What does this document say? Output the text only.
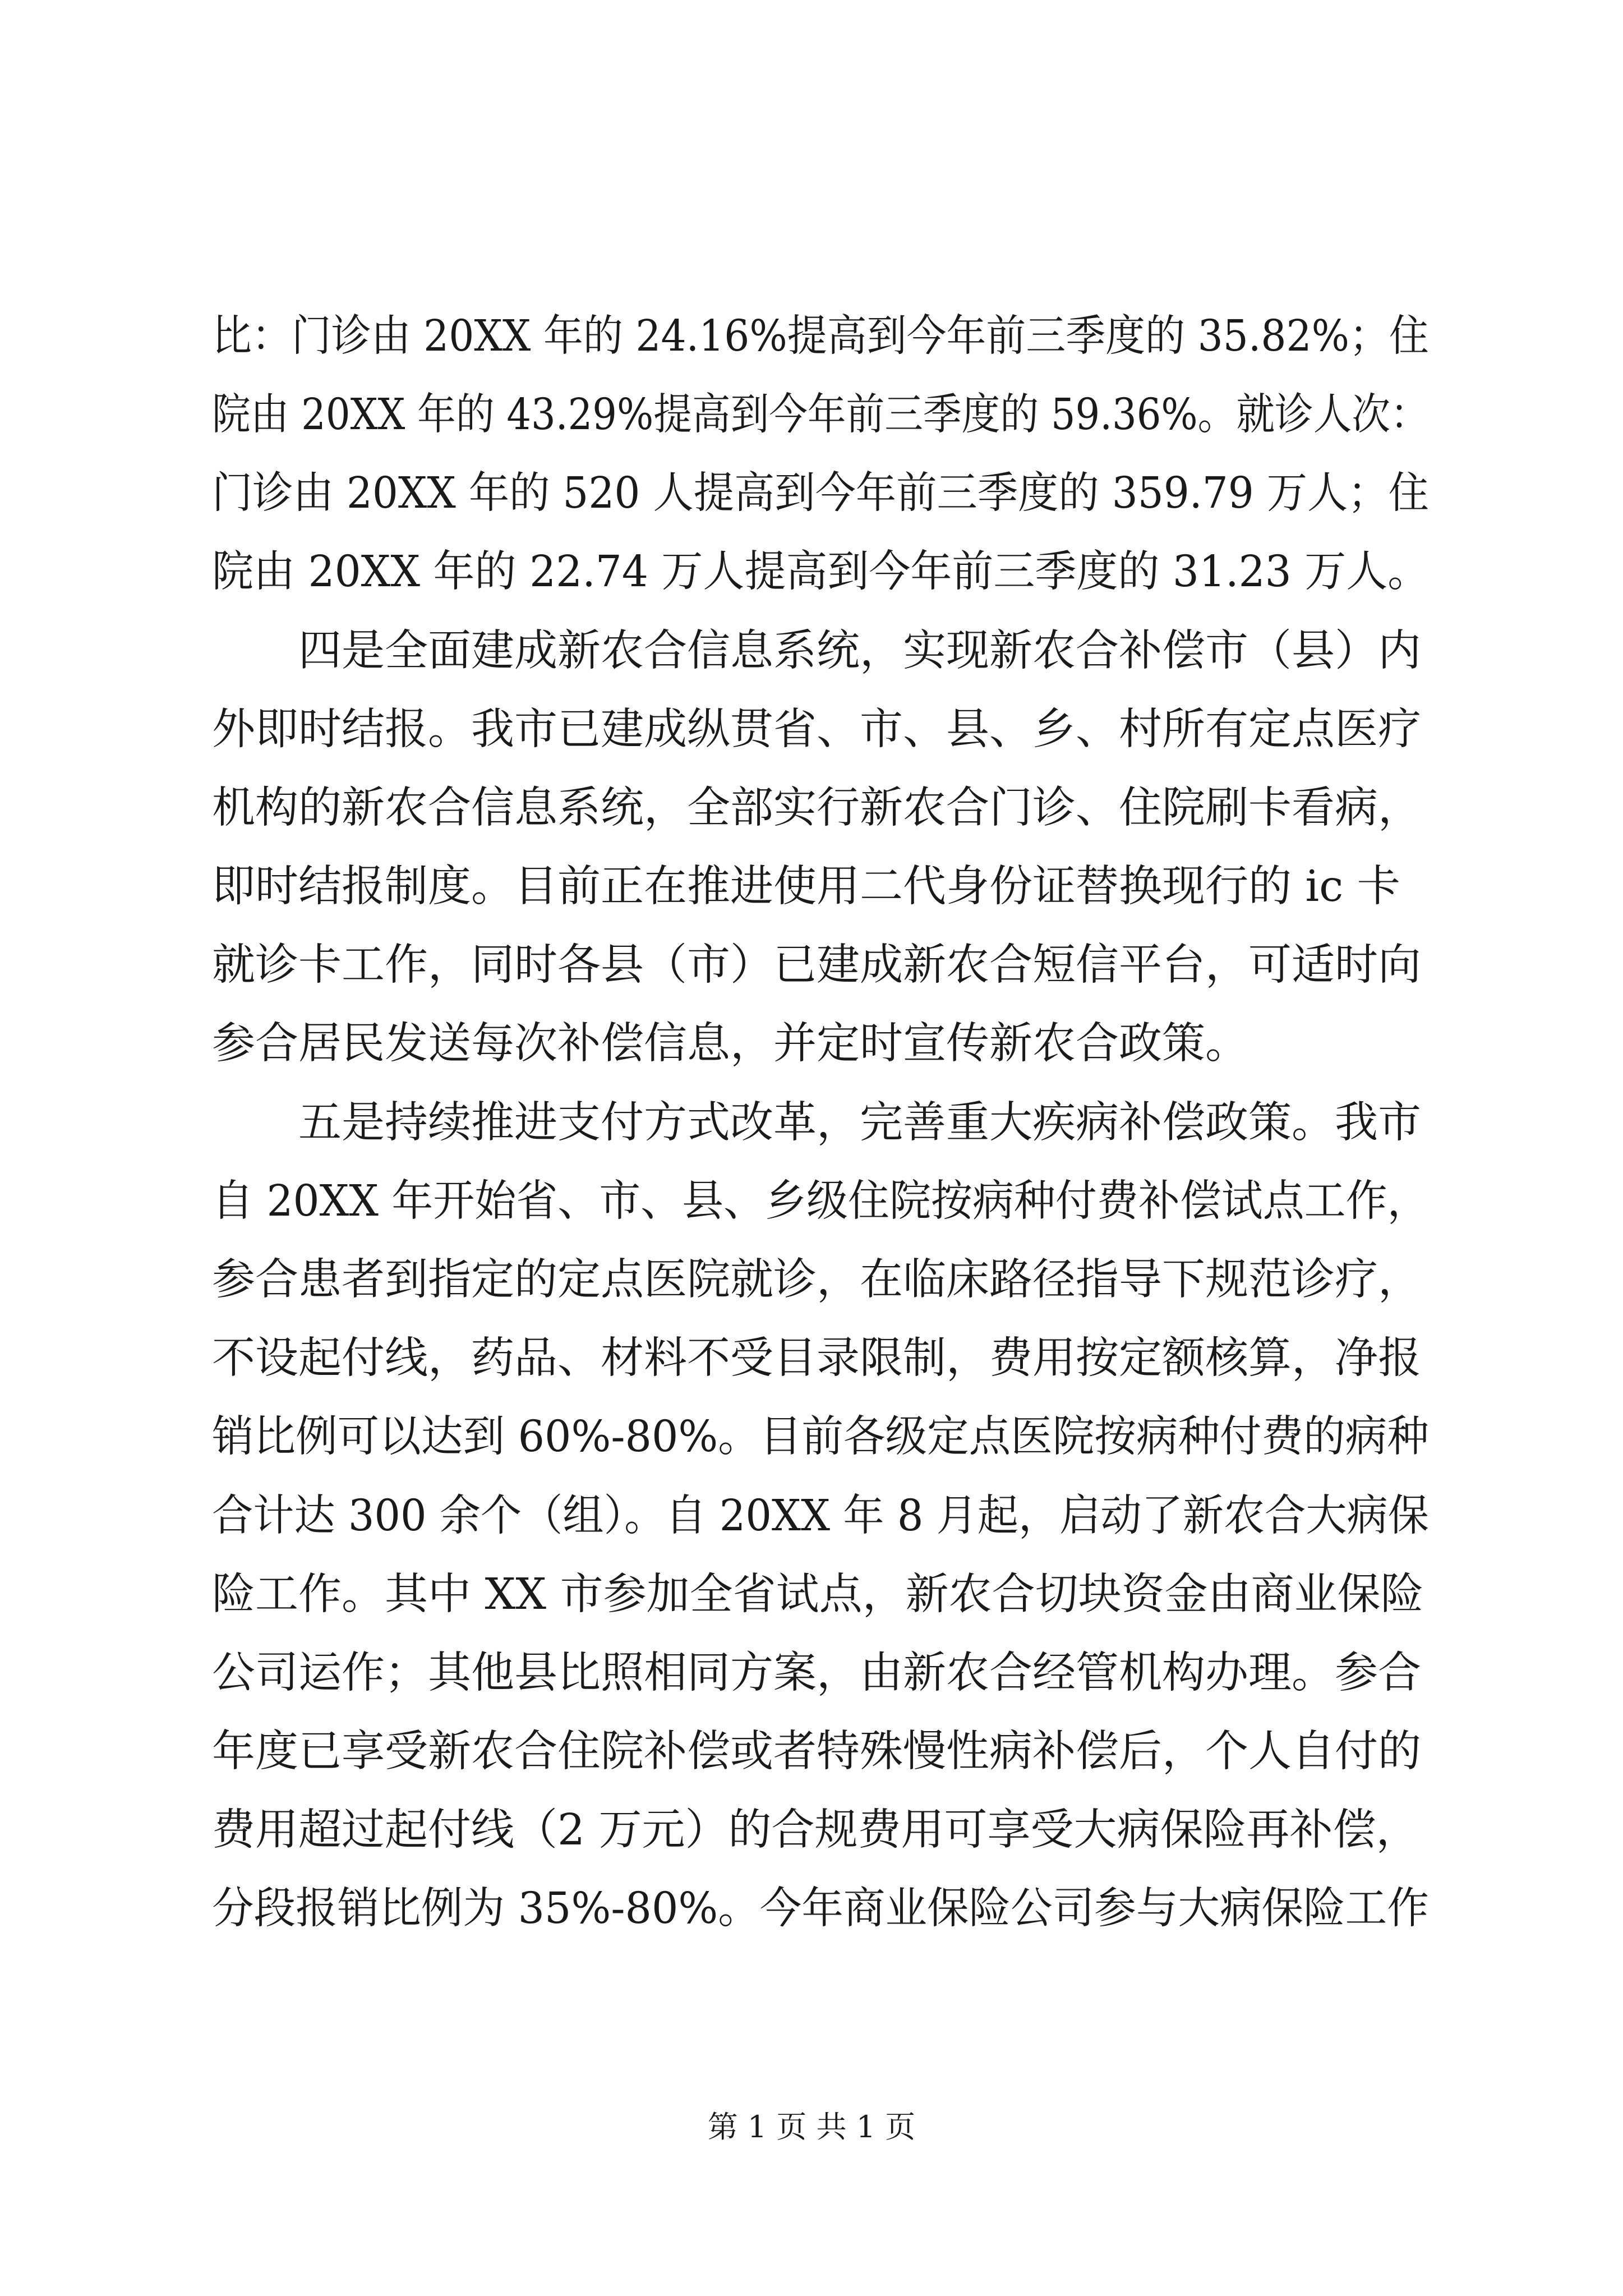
比：门诊由 20XX 年的 24.16%提高到今年前三季度的 35.82%；住
院由 20XX 年的 43.29%提高到今年前三季度的 59.36%。就诊人次：
门诊由 20XX 年的 520 人提高到今年前三季度的 359.79 万人；住
院由 20XX 年的 22.74 万人提高到今年前三季度的 31.23 万人。
四是全面建成新农合信息系统，实现新农合补偿市（县）内
外即时结报。我市已建成纵贯省、市、县、乡、村所有定点医疗
机构的新农合信息系统，全部实行新农合门诊、住院刷卡看病，
即时结报制度。目前正在推进使用二代身份证替换现行的 ic 卡
就诊卡工作，同时各县（市）已建成新农合短信平台，可适时向
参合居民发送每次补偿信息，并定时宣传新农合政策。
五是持续推进支付方式改革，完善重大疾病补偿政策。我市
自 20XX 年开始省、市、县、乡级住院按病种付费补偿试点工作，
参合患者到指定的定点医院就诊，在临床路径指导下规范诊疗，
不设起付线，药品、材料不受目录限制，费用按定额核算，净报
销比例可以达到 60%-80%。目前各级定点医院按病种付费的病种
合计达 300 余个（组）。自 20XX 年 8 月起，启动了新农合大病保
险工作。其中 XX 市参加全省试点，新农合切块资金由商业保险
公司运作；其他县比照相同方案，由新农合经管机构办理。参合
年度已享受新农合住院补偿或者特殊慢性病补偿后，个人自付的
费用超过起付线（2 万元）的合规费用可享受大病保险再补偿，
分段报销比例为 35%-80%。今年商业保险公司参与大病保险工作
第 1 页 共 1 页
